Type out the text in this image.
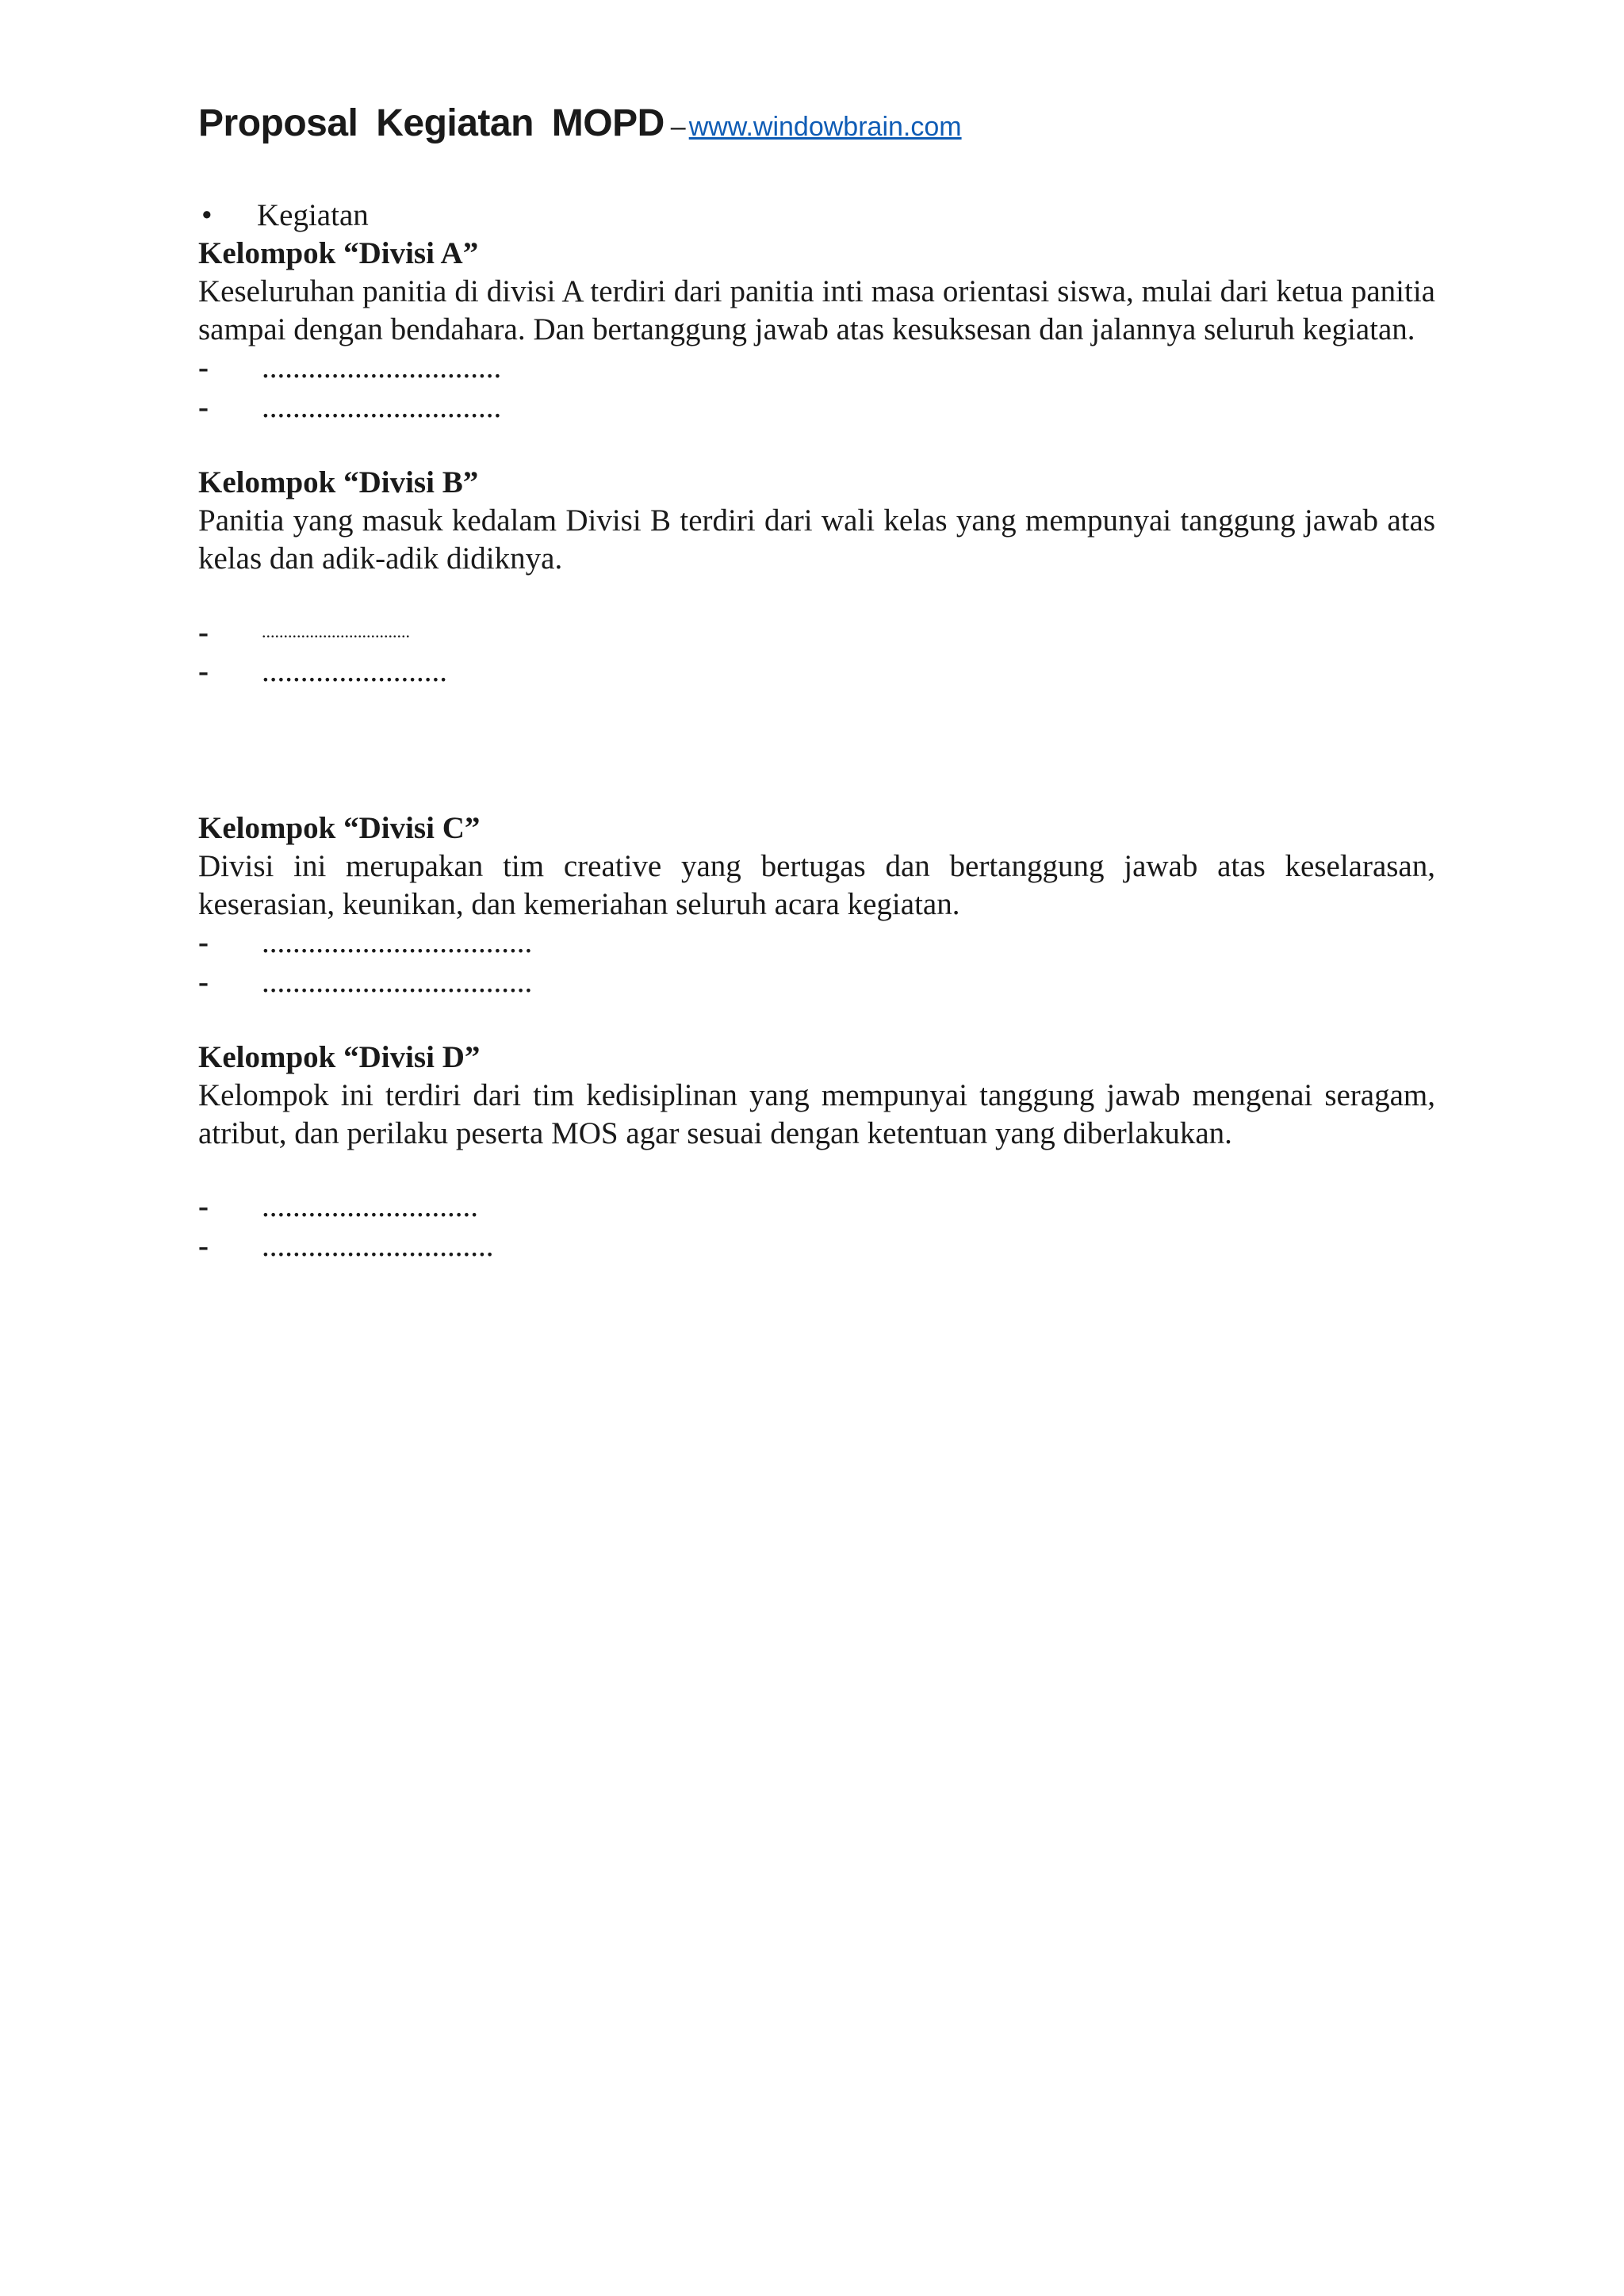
Proposal Kegiatan MOPD – www.windowbrain.com
• Kegiatan
Kelompok “Divisi A”
Keseluruhan panitia di divisi A terdiri dari panitia inti masa orientasi siswa, mulai dari ketua panitia sampai dengan bendahara. Dan bertanggung jawab atas kesuksesan dan jalannya seluruh kegiatan.
- ...............................
- ...............................
Kelompok “Divisi B”
Panitia yang masuk kedalam Divisi B terdiri dari wali kelas yang mempunyai tanggung jawab atas kelas dan adik-adik didiknya.
-	..................................
- ........................
Kelompok “Divisi C”
Divisi ini merupakan tim creative yang bertugas dan bertanggung jawab atas keselarasan, keserasian, keunikan, dan kemeriahan seluruh acara kegiatan.
- ...................................
- ...................................
Kelompok “Divisi D”
Kelompok ini terdiri dari tim kedisiplinan yang mempunyai tanggung jawab mengenai seragam, atribut, dan perilaku peserta MOS agar sesuai dengan ketentuan yang diberlakukan.
- ............................
- ..............................
